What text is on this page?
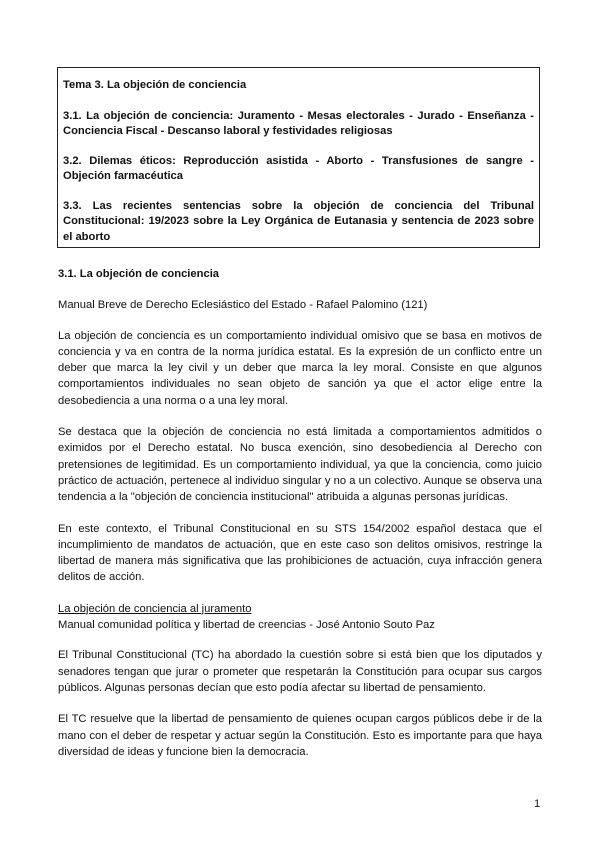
Tema 3. La objeción de conciencia

3.1. La objeción de conciencia: Juramento - Mesas electorales - Jurado - Enseñanza - Conciencia Fiscal - Descanso laboral y festividades religiosas

3.2. Dilemas éticos: Reproducción asistida - Aborto - Transfusiones de sangre - Objeción farmacéutica

3.3. Las recientes sentencias sobre la objeción de conciencia del Tribunal Constitucional: 19/2023 sobre la Ley Orgánica de Eutanasia y sentencia de 2023 sobre el aborto

3.1. La objeción de conciencia

Manual Breve de Derecho Eclesiástico del Estado - Rafael Palomino (121)

La objeción de conciencia es un comportamiento individual omisivo que se basa en motivos de conciencia y va en contra de la norma jurídica estatal. Es la expresión de un conflicto entre un deber que marca la ley civil y un deber que marca la ley moral. Consiste en que algunos comportamientos individuales no sean objeto de sanción ya que el actor elige entre la desobediencia a una norma o a una ley moral.

Se destaca que la objeción de conciencia no está limitada a comportamientos admitidos o eximidos por el Derecho estatal. No busca exención, sino desobediencia al Derecho con pretensiones de legitimidad. Es un comportamiento individual, ya que la conciencia, como juicio práctico de actuación, pertenece al individuo singular y no a un colectivo. Aunque se observa una tendencia a la "objeción de conciencia institucional" atribuida a algunas personas jurídicas.

En este contexto, el Tribunal Constitucional en su STS 154/2002 español destaca que el incumplimiento de mandatos de actuación, que en este caso son delitos omisivos, restringe la libertad de manera más significativa que las prohibiciones de actuación, cuya infracción genera delitos de acción.

La objeción de conciencia al juramento

Manual comunidad política y libertad de creencias - José Antonio Souto Paz

El Tribunal Constitucional (TC) ha abordado la cuestión sobre si está bien que los diputados y senadores tengan que jurar o prometer que respetarán la Constitución para ocupar sus cargos públicos. Algunas personas decían que esto podía afectar su libertad de pensamiento.

El TC resuelve que la libertad de pensamiento de quienes ocupan cargos públicos debe ir de la mano con el deber de respetar y actuar según la Constitución. Esto es importante para que haya diversidad de ideas y funcione bien la democracia.

1
